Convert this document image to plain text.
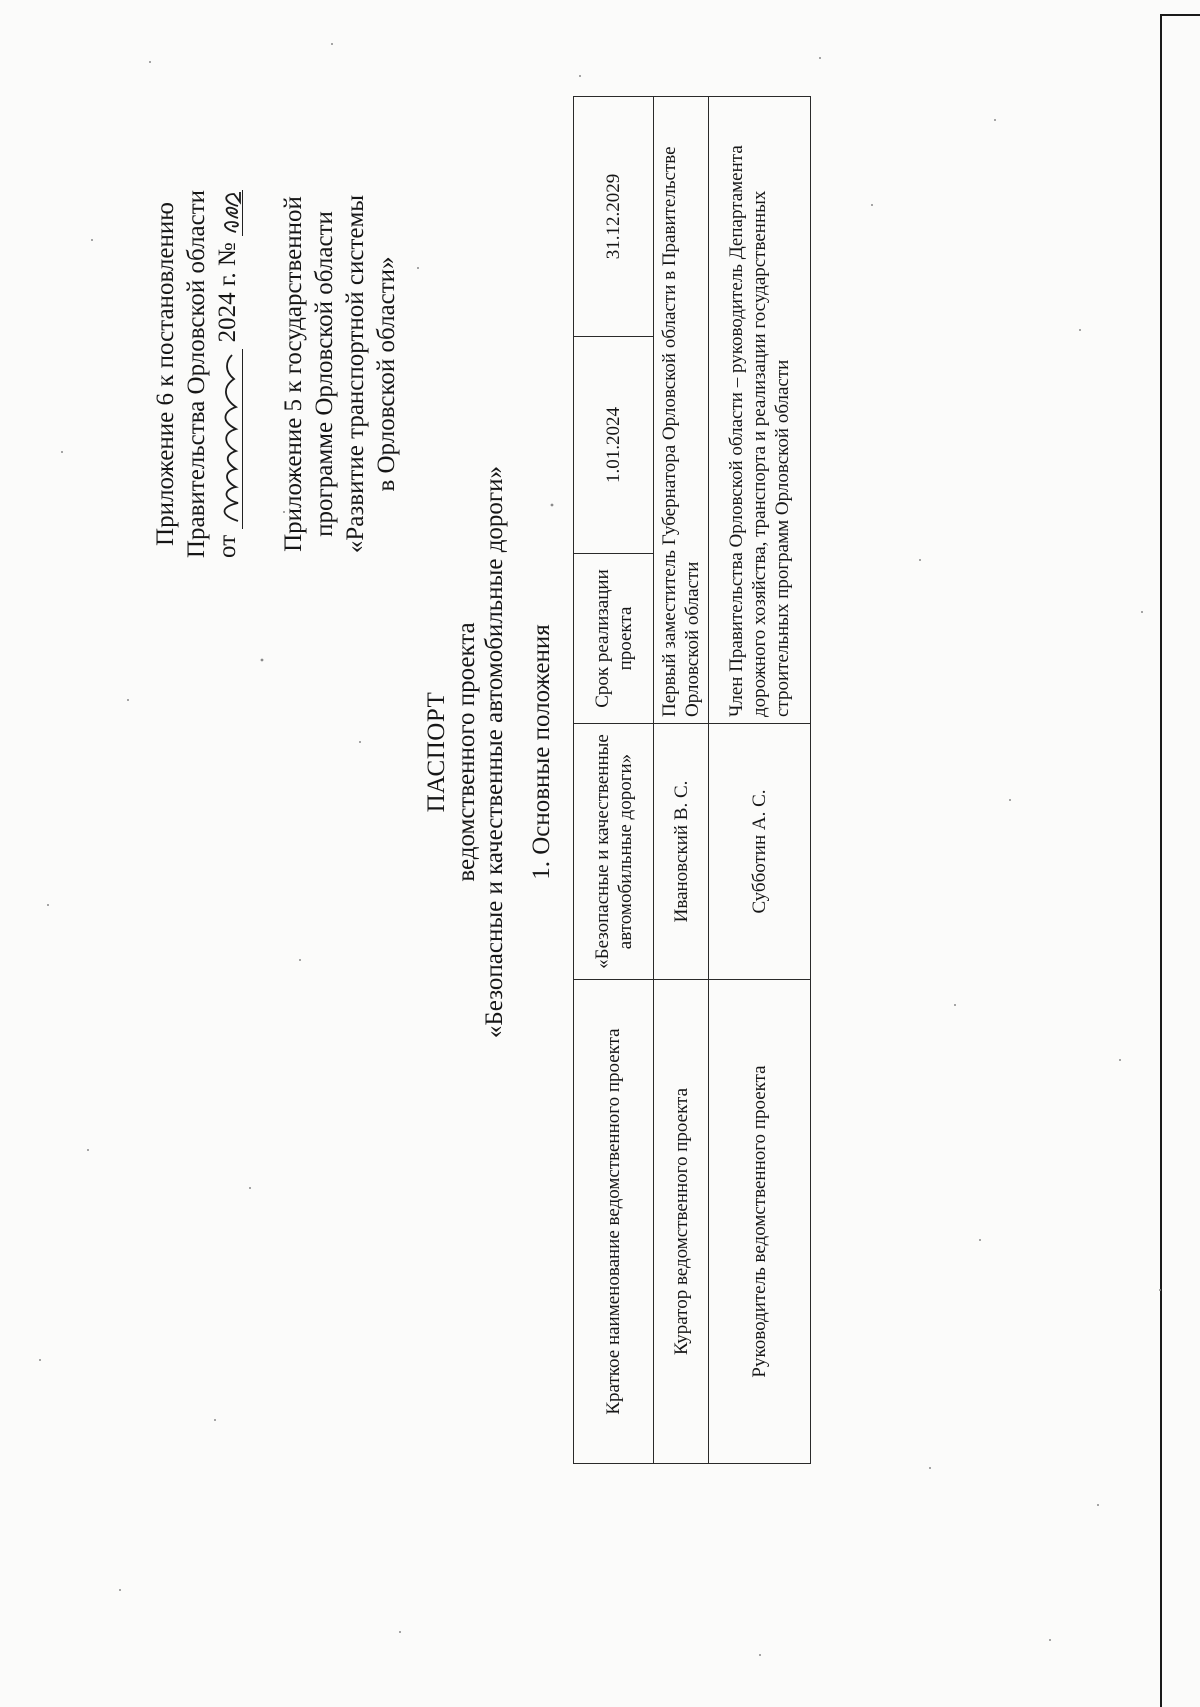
Приложение 6 к постановлению Правительства Орловской области от  2024 г. № Приложение 5 к государственной программе Орловской области «Развитие транспортной системы в Орловской области»
ПАСПОРТ ведомственного проекта «Безопасные и качественные автомобильные дороги» 1. Основные положения
Краткое наименование ведомственного проекта	«Безопасные и качественные автомобильные дороги»	Срок реализации проекта	1.01.2024	31.12.2029
Куратор ведомственного проекта	Ивановский В. С.	Первый заместитель Губернатора Орловской области в Правительстве Орловской области		
Руководитель ведомственного проекта	Субботин А. С.	Член Правительства Орловской области – руководитель Департамента дорожного хозяйства, транспорта и реализации государственных строительных программ Орловской области		
